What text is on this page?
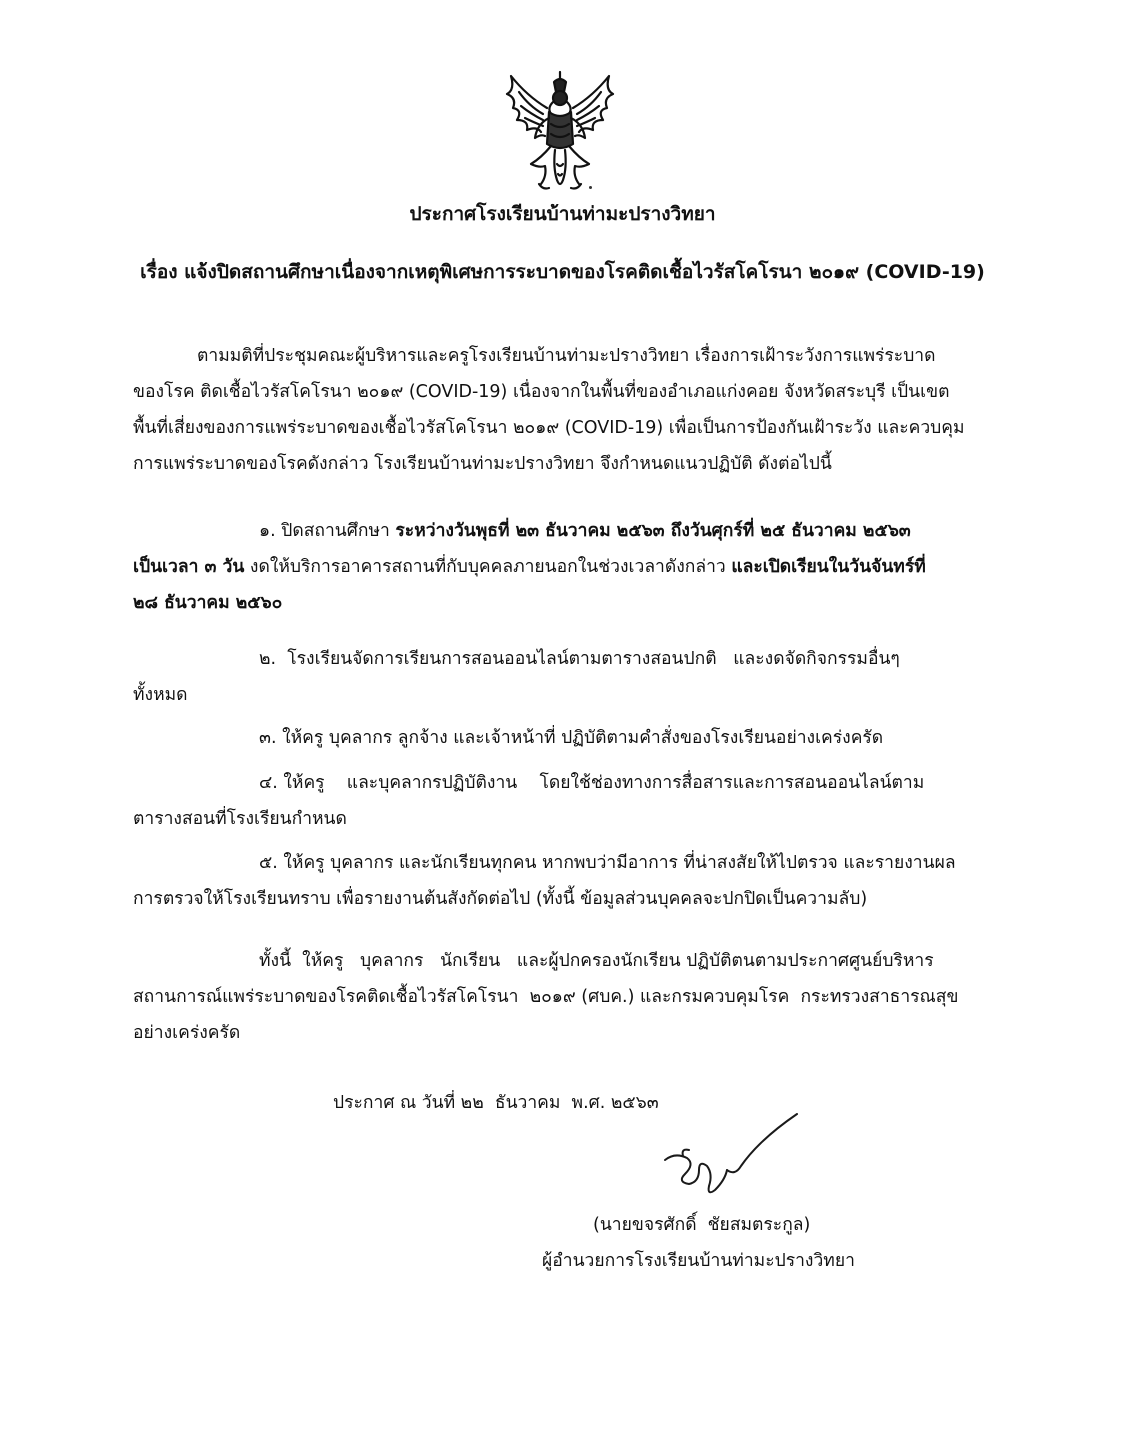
ประกาศโรงเรียนบ้านท่ามะปรางวิทยา
เรื่อง แจ้งปิดสถานศึกษาเนื่องจากเหตุพิเศษการระบาดของโรคติดเชื้อไวรัสโคโรนา ๒๐๑๙ (COVID-19)
ตามมติที่ประชุมคณะผู้บริหารและครูโรงเรียนบ้านท่ามะปรางวิทยา เรื่องการเฝ้าระวังการแพร่ระบาด
ของโรค ติดเชื้อไวรัสโคโรนา ๒๐๑๙ (COVID-19) เนื่องจากในพื้นที่ของอำเภอแก่งคอย จังหวัดสระบุรี เป็นเขต
พื้นที่เสี่ยงของการแพร่ระบาดของเชื้อไวรัสโคโรนา ๒๐๑๙ (COVID-19) เพื่อเป็นการป้องกันเฝ้าระวัง และควบคุม
การแพร่ระบาดของโรคดังกล่าว โรงเรียนบ้านท่ามะปรางวิทยา จึงกำหนดแนวปฏิบัติ ดังต่อไปนี้
๑. ปิดสถานศึกษา ระหว่างวันพุธที่ ๒๓ ธันวาคม ๒๕๖๓ ถึงวันศุกร์ที่ ๒๕ ธันวาคม ๒๕๖๓
เป็นเวลา ๓ วัน งดให้บริการอาคารสถานที่กับบุคคลภายนอกในช่วงเวลาดังกล่าว และเปิดเรียนในวันจันทร์ที่
๒๘ ธันวาคม ๒๕๖๐
๒.  โรงเรียนจัดการเรียนการสอนออนไลน์ตามตารางสอนปกติ   และงดจัดกิจกรรมอื่นๆ
ทั้งหมด
๓. ให้ครู บุคลากร ลูกจ้าง และเจ้าหน้าที่ ปฏิบัติตามคำสั่งของโรงเรียนอย่างเคร่งครัด
๔. ให้ครู    และบุคลากรปฏิบัติงาน    โดยใช้ช่องทางการสื่อสารและการสอนออนไลน์ตาม
ตารางสอนที่โรงเรียนกำหนด
๕. ให้ครู บุคลากร และนักเรียนทุกคน หากพบว่ามีอาการ ที่น่าสงสัยให้ไปตรวจ และรายงานผล
การตรวจให้โรงเรียนทราบ เพื่อรายงานต้นสังกัดต่อไป (ทั้งนี้ ข้อมูลส่วนบุคคลจะปกปิดเป็นความลับ)
ทั้งนี้  ให้ครู   บุคลากร   นักเรียน   และผู้ปกครองนักเรียน ปฏิบัติตนตามประกาศศูนย์บริหาร
สถานการณ์แพร่ระบาดของโรคติดเชื้อไวรัสโคโรนา  ๒๐๑๙ (ศบค.) และกรมควบคุมโรค  กระทรวงสาธารณสุข
อย่างเคร่งครัด
ประกาศ ณ วันที่ ๒๒  ธันวาคม  พ.ศ. ๒๕๖๓
(นายขจรศักดิ์  ชัยสมตระกูล)
ผู้อำนวยการโรงเรียนบ้านท่ามะปรางวิทยา
